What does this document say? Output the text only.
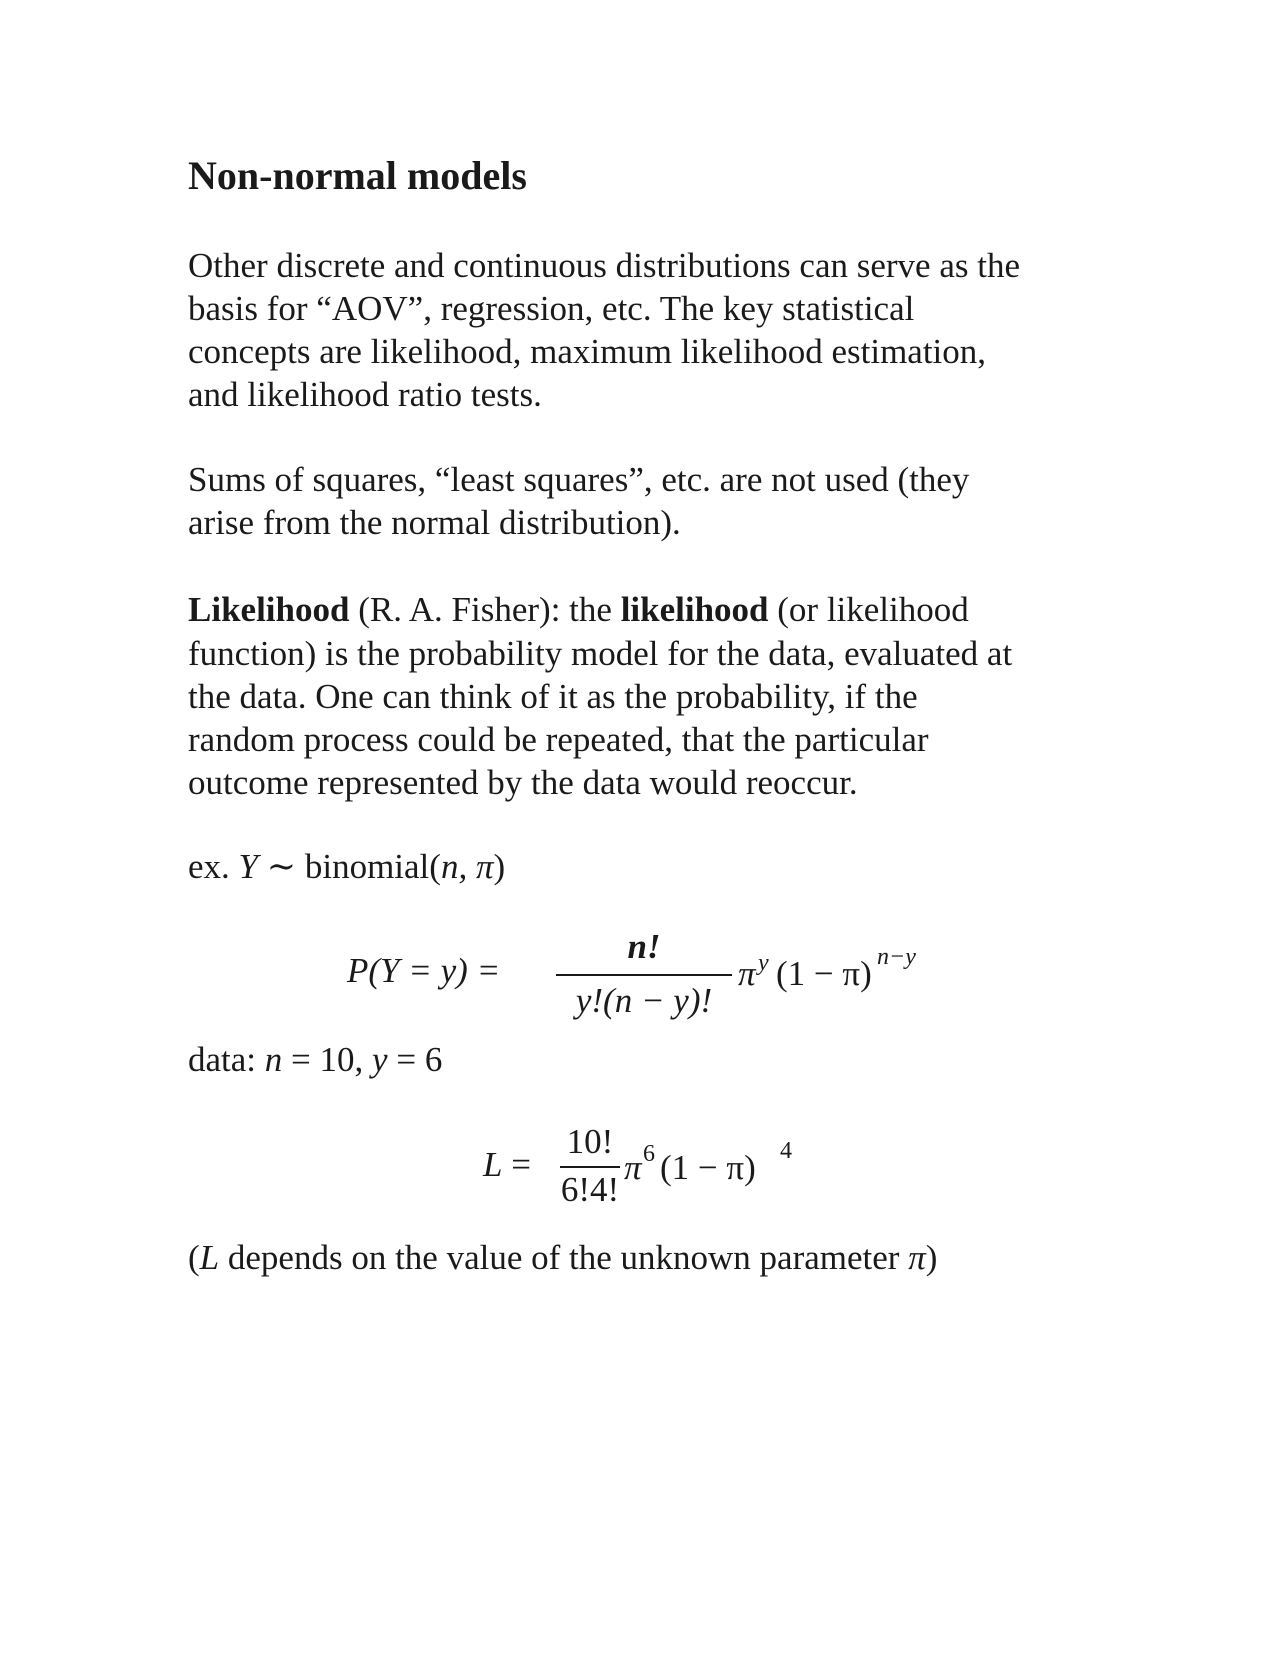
Non-normal models
Other discrete and continuous distributions can serve as the
basis for “AOV”, regression, etc. The key statistical
concepts are likelihood, maximum likelihood estimation,
and likelihood ratio tests.
Sums of squares, “least squares”, etc. are not used (they
arise from the normal distribution).
Likelihood (R. A. Fisher): the likelihood (or likelihood
function) is the probability model for the data, evaluated at
the data. One can think of it as the probability, if the
random process could be repeated, that the particular
outcome represented by the data would reoccur.
ex. Y ∼ binomial(n, π)
P(Y = y) =
n!
y!(n − y)!
π y (1 − π) n−y
data: n = 10, y = 6
L =
10!
6!4!
π 6 (1 − π) 4
(L depends on the value of the unknown parameter π)
